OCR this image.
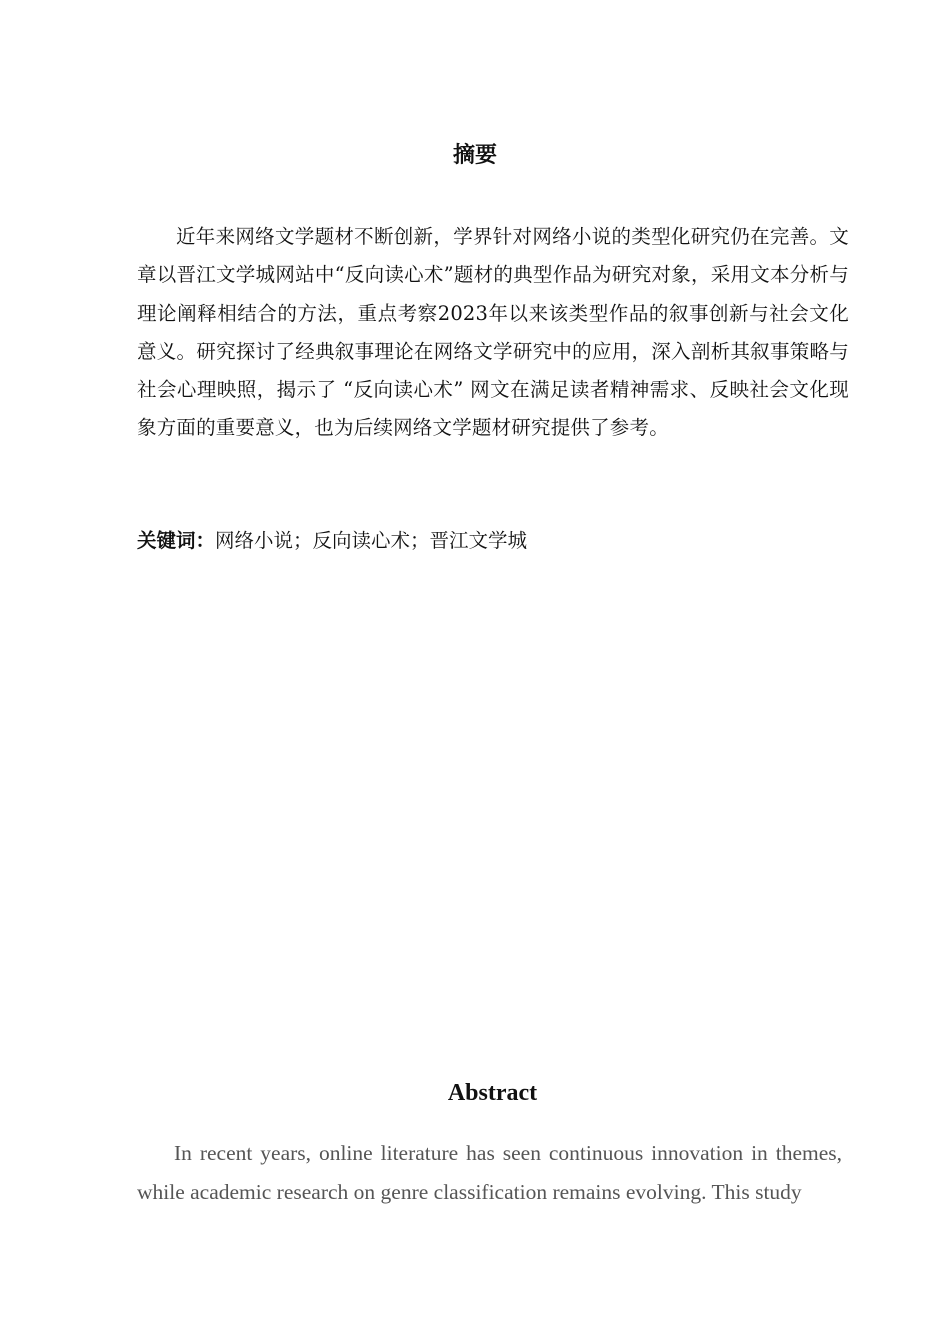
摘要

近年来网络文学题材不断创新，学界针对网络小说的类型化研究仍在完善。文章以晋江文学城网站中“反向读心术”题材的典型作品为研究对象，采用文本分析与理论阐释相结合的方法，重点考察2023年以来该类型作品的叙事创新与社会文化意义。研究探讨了经典叙事理论在网络文学研究中的应用，深入剖析其叙事策略与社会心理映照，揭示了 “反向读心术” 网文在满足读者精神需求、反映社会文化现象方面的重要意义，也为后续网络文学题材研究提供了参考。

关键词：网络小说；反向读心术；晋江文学城

Abstract

In recent years, online literature has seen continuous innovation in themes, while academic research on genre classification remains evolving. This study
